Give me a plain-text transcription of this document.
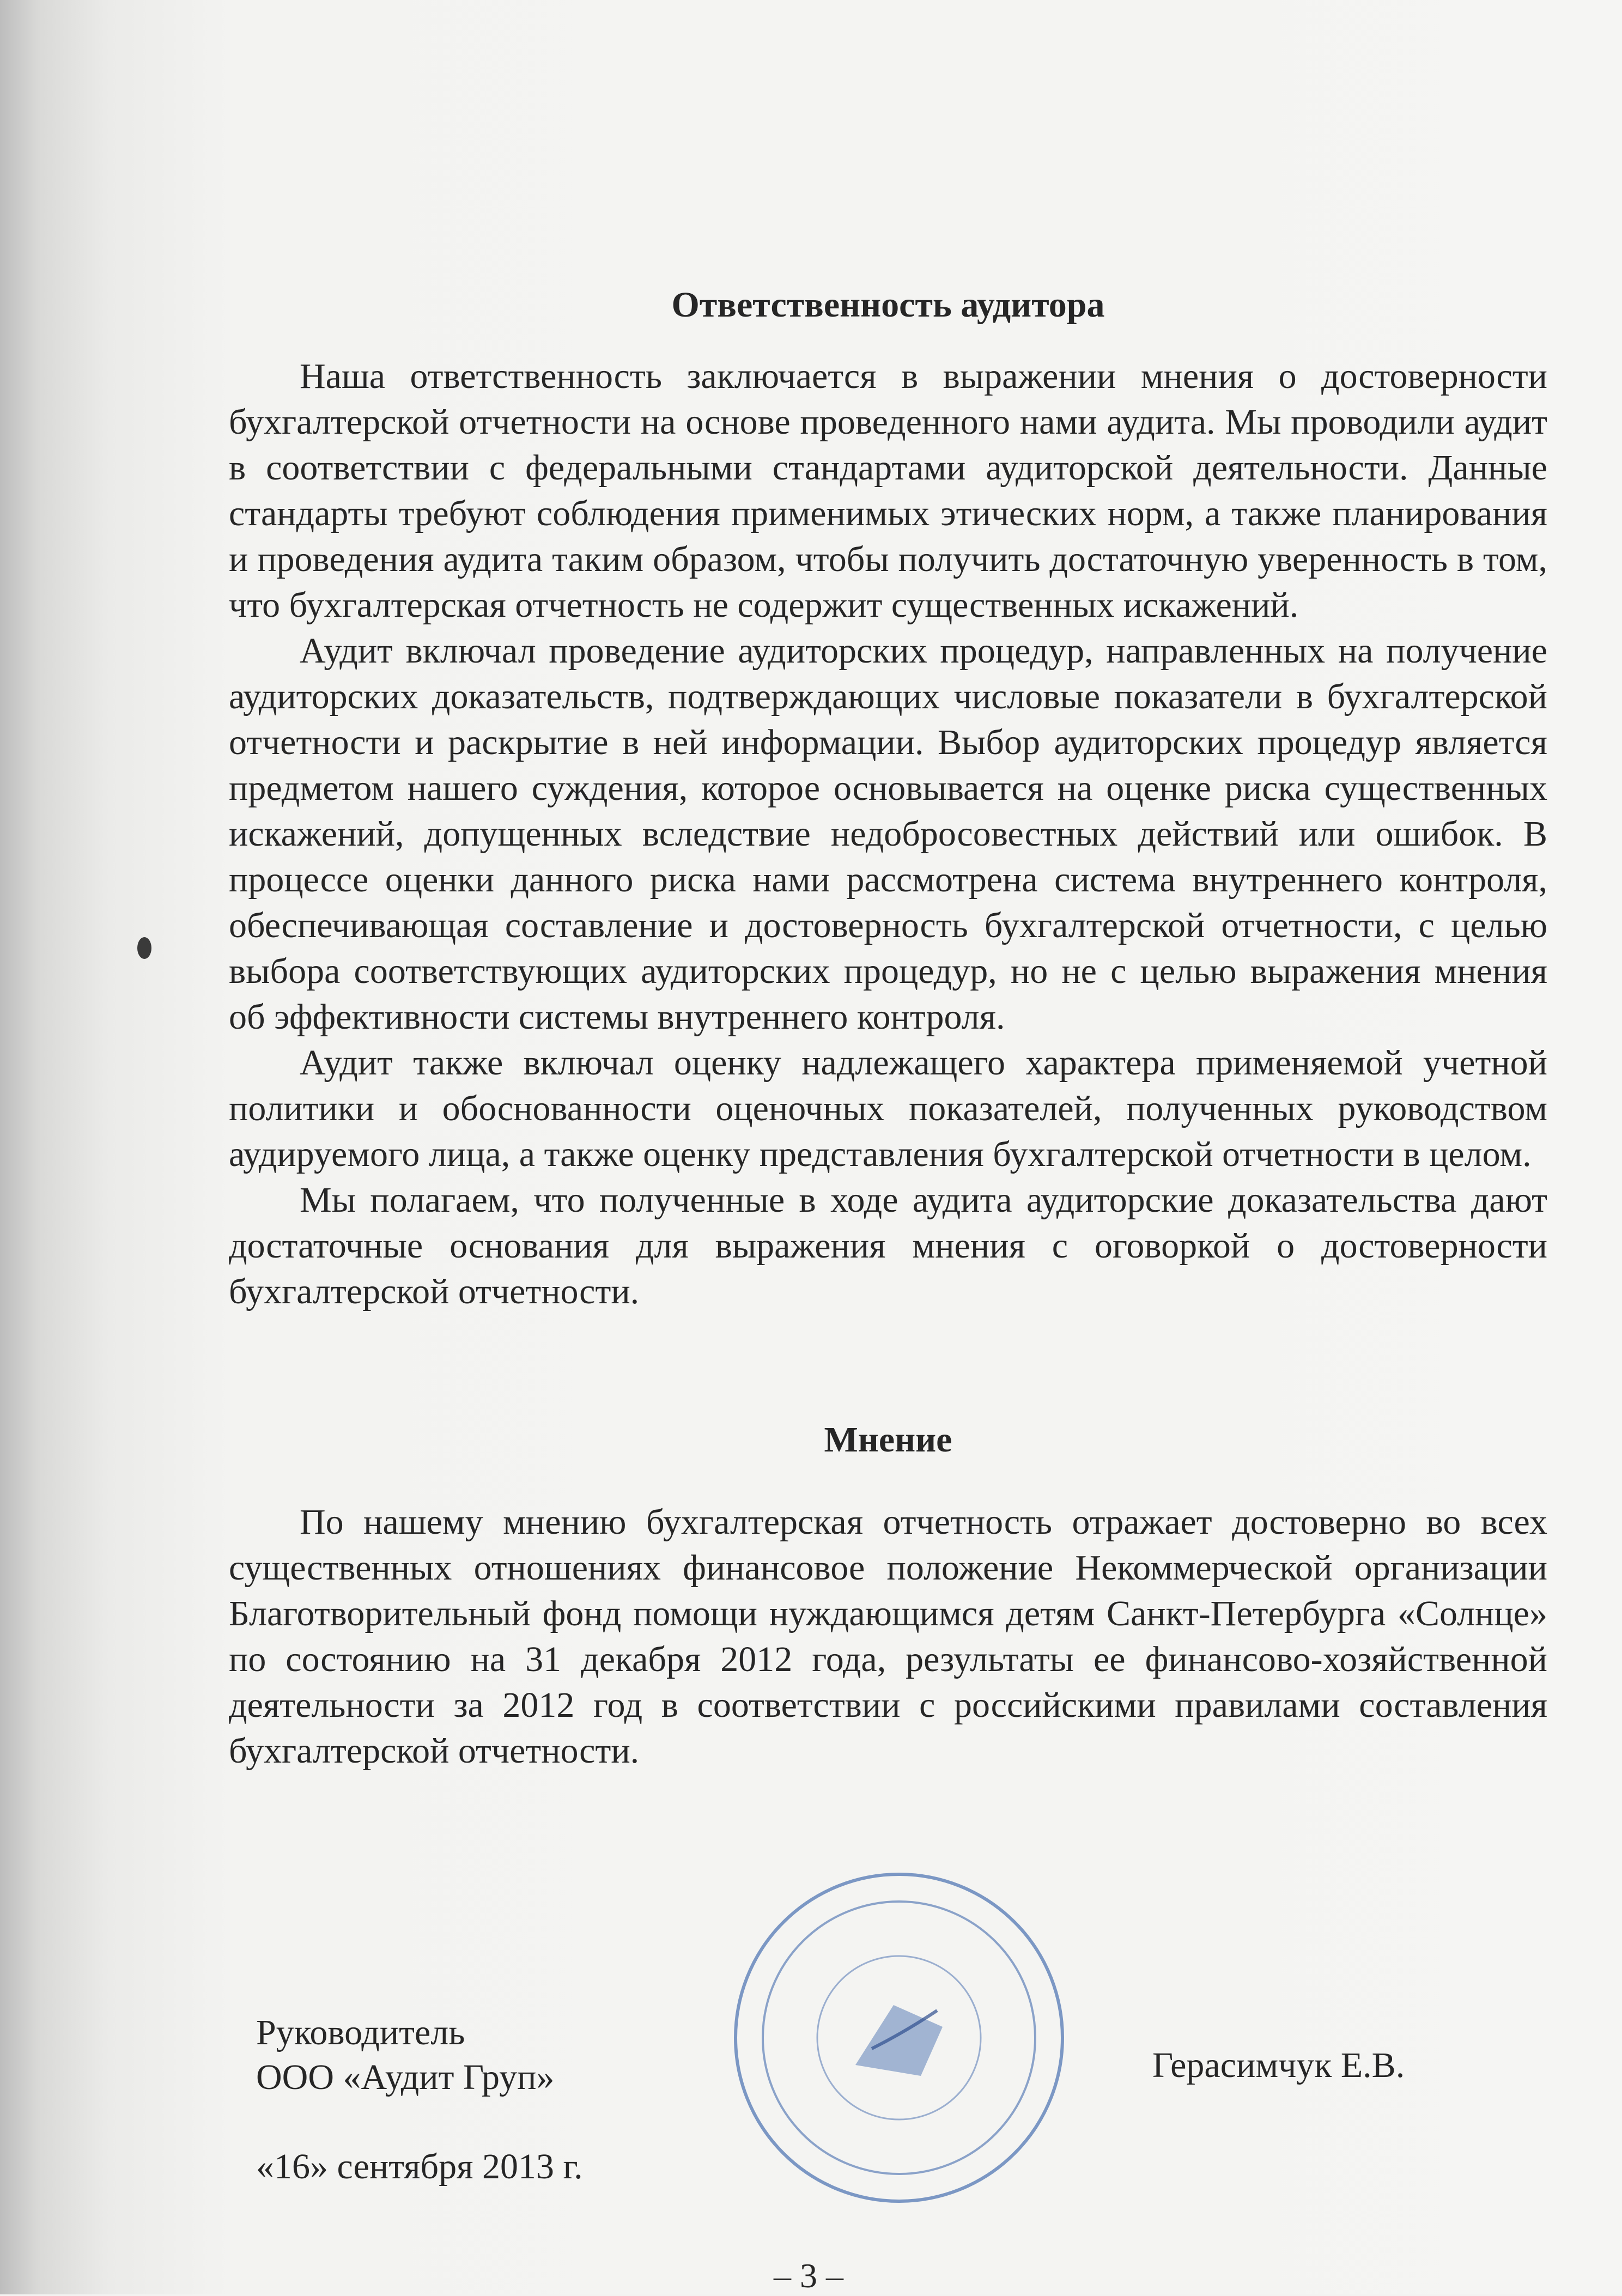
Ответственность аудитора

Наша ответственность заключается в выражении мнения о достоверности бухгалтерской отчетности на основе проведенного нами аудита. Мы проводили аудит в соответствии с федеральными стандартами аудиторской деятельности. Данные стандарты требуют соблюдения применимых этических норм, а также планирования и проведения аудита таким образом, чтобы получить достаточную уверенность в том, что бухгалтерская отчетность не содержит существенных искажений.

Аудит включал проведение аудиторских процедур, направленных на получение аудиторских доказательств, подтверждающих числовые показатели в бухгалтерской отчетности и раскрытие в ней информации. Выбор аудиторских процедур является предметом нашего суждения, которое основывается на оценке риска существенных искажений, допущенных вследствие недобросовестных действий или ошибок. В процессе оценки данного риска нами рассмотрена система внутреннего контроля, обеспечивающая составление и достоверность бухгалтерской отчетности, с целью выбора соответствующих аудиторских процедур, но не с целью выражения мнения об эффективности системы внутреннего контроля.

Аудит также включал оценку надлежащего характера применяемой учетной политики и обоснованности оценочных показателей, полученных руководством аудируемого лица, а также оценку представления бухгалтерской отчетности в целом.

Мы полагаем, что полученные в ходе аудита аудиторские доказательства дают достаточные основания для выражения мнения с оговоркой о достоверности бухгалтерской отчетности.

Мнение

По нашему мнению бухгалтерская отчетность отражает достоверно во всех существенных отношениях финансовое положение Некоммерческой организации Благотворительный фонд помощи нуждающимся детям Санкт-Петербурга «Солнце» по состоянию на 31 декабря 2012 года, результаты ее финансово-хозяйственной деятельности за 2012 год в соответствии с российскими правилами составления бухгалтерской отчетности.

Руководитель
ООО «Аудит Груп»
«16» сентября 2013 г.
Герасимчук Е.В.
– 3 –
